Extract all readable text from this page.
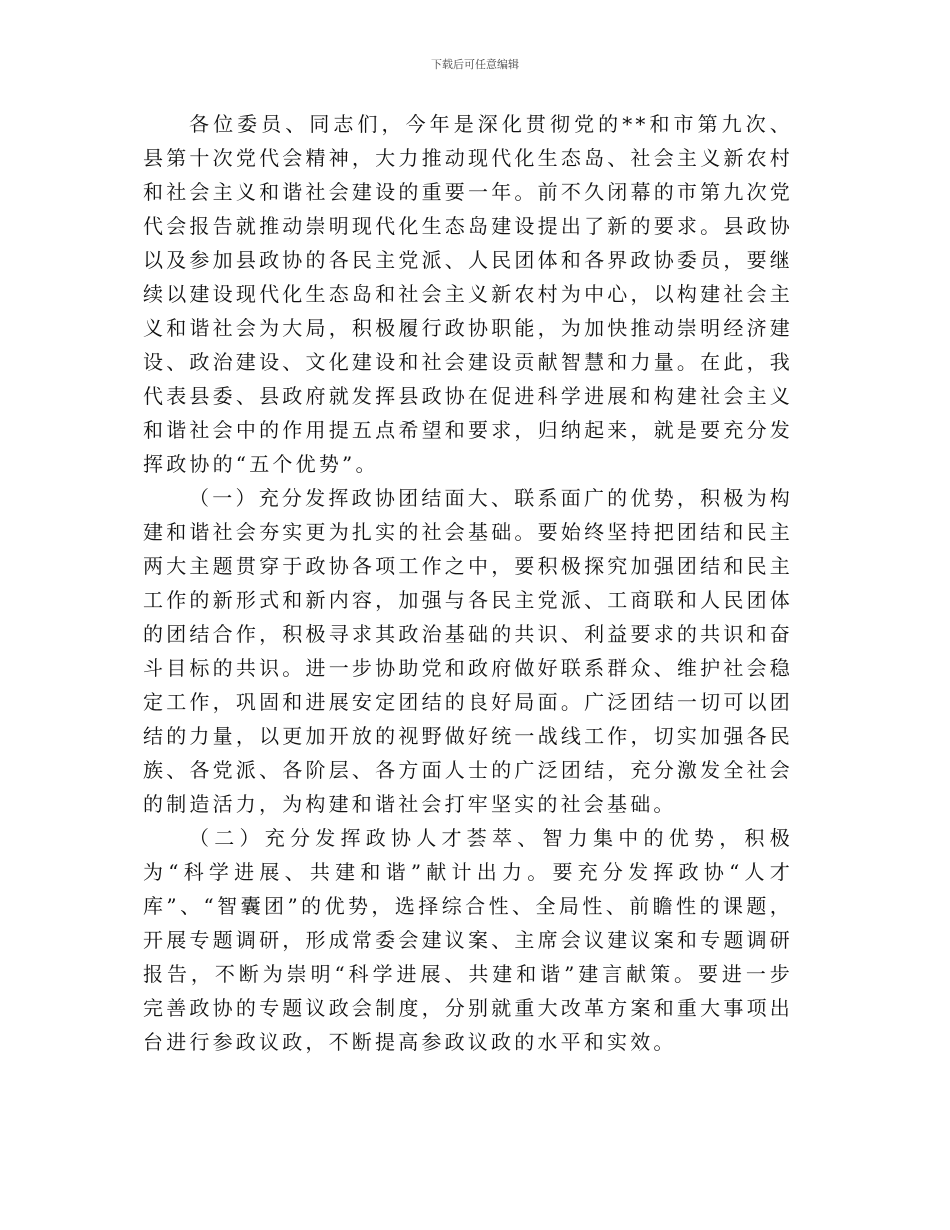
下载后可任意编辑

各位委员、同志们，今年是深化贯彻党的**和市第九次、县第十次党代会精神，大力推动现代化生态岛、社会主义新农村和社会主义和谐社会建设的重要一年。前不久闭幕的市第九次党代会报告就推动崇明现代化生态岛建设提出了新的要求。县政协以及参加县政协的各民主党派、人民团体和各界政协委员，要继续以建设现代化生态岛和社会主义新农村为中心，以构建社会主义和谐社会为大局，积极履行政协职能，为加快推动崇明经济建设、政治建设、文化建设和社会建设贡献智慧和力量。在此，我代表县委、县政府就发挥县政协在促进科学进展和构建社会主义和谐社会中的作用提五点希望和要求，归纳起来，就是要充分发挥政协的“五个优势”。

（一）充分发挥政协团结面大、联系面广的优势，积极为构建和谐社会夯实更为扎实的社会基础。要始终坚持把团结和民主两大主题贯穿于政协各项工作之中，要积极探究加强团结和民主工作的新形式和新内容，加强与各民主党派、工商联和人民团体的团结合作，积极寻求其政治基础的共识、利益要求的共识和奋斗目标的共识。进一步协助党和政府做好联系群众、维护社会稳定工作，巩固和进展安定团结的良好局面。广泛团结一切可以团结的力量，以更加开放的视野做好统一战线工作，切实加强各民族、各党派、各阶层、各方面人士的广泛团结，充分激发全社会的制造活力，为构建和谐社会打牢坚实的社会基础。

（二）充分发挥政协人才荟萃、智力集中的优势，积极为“科学进展、共建和谐”献计出力。要充分发挥政协“人才库”、“智囊团”的优势，选择综合性、全局性、前瞻性的课题，开展专题调研，形成常委会建议案、主席会议建议案和专题调研报告，不断为崇明“科学进展、共建和谐”建言献策。要进一步完善政协的专题议政会制度，分别就重大改革方案和重大事项出台进行参政议政，不断提高参政议政的水平和实效。
